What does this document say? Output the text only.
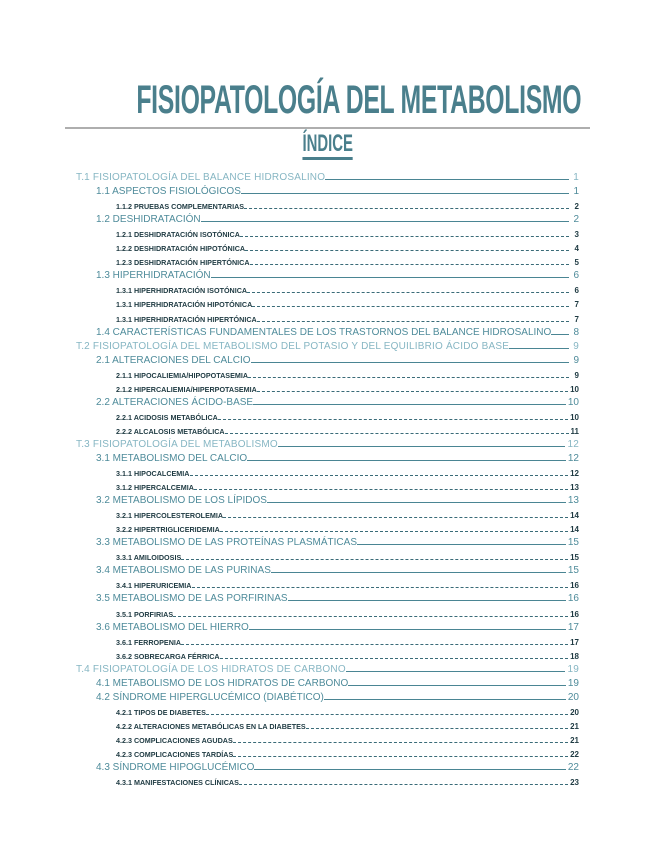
FISIOPATOLOGÍA DEL METABOLISMO
ÍNDICE
T.1 FISIOPATOLOGÍA DEL BALANCE HIDROSALINO	1
1.1 ASPECTOS FISIOLÓGICOS	1
1.1.2 PRUEBAS COMPLEMENTARIAS	2
1.2 DESHIDRATACIÓN	2
1.2.1 DESHIDRATACIÓN ISOTÓNICA	3
1.2.2 DESHIDRATACIÓN HIPOTÓNICA	4
1.2.3 DESHIDRATACIÓN HIPERTÓNICA	5
1.3 HIPERHIDRATACIÓN	6
1.3.1 HIPERHIDRATACIÓN ISOTÓNICA	6
1.3.1 HIPERHIDRATACIÓN HIPOTÓNICA	7
1.3.1 HIPERHIDRATACIÓN HIPERTÓNICA	7
1.4 CARACTERÍSTICAS FUNDAMENTALES DE LOS TRASTORNOS DEL BALANCE HIDROSALINO 8
T.2 FISIOPATOLOGÍA DEL METABOLISMO DEL POTASIO Y DEL EQUILIBRIO ÁCIDO BASE	9
2.1 ALTERACIONES DEL CALCIO	9
2.1.1 HIPOCALIEMIA/HIPOPOTASEMIA	9
2.1.2 HIPERCALIEMIA/HIPERPOTASEMIA	10
2.2 ALTERACIONES ÁCIDO-BASE	10
2.2.1 ACIDOSIS METABÓLICA	10
2.2.2 ALCALOSIS METABÓLICA	11
T.3 FISIOPATOLOGÍA DEL METABOLISMO	12
3.1 METABOLISMO DEL CALCIO	12
3.1.1 HIPOCALCEMIA	12
3.1.2 HIPERCALCEMIA	13
3.2 METABOLISMO DE LOS LÍPIDOS	13
3.2.1 HIPERCOLESTEROLEMIA	14
3.2.2 HIPERTRIGLICERIDEMIA	14
3.3 METABOLISMO DE LAS PROTEÍNAS PLASMÁTICAS	15
3.3.1 AMILOIDOSIS	15
3.4 METABOLISMO DE LAS PURINAS	15
3.4.1 HIPERURICEMIA	16
3.5 METABOLISMO DE LAS PORFIRINAS	16
3.5.1 PORFIRIAS	16
3.6 METABOLISMO DEL HIERRO	17
3.6.1 FERROPENIA	17
3.6.2 SOBRECARGA FÉRRICA	18
T.4 FISIOPATOLOGÍA DE LOS HIDRATOS DE CARBONO	19
4.1 METABOLISMO DE LOS HIDRATOS DE CARBONO	19
4.2 SÍNDROME HIPERGLUCÉMICO (DIABÉTICO)	20
4.2.1 TIPOS DE DIABETES	20
4.2.2 ALTERACIONES METABÓLICAS EN LA DIABETES	21
4.2.3 COMPLICACIONES AGUDAS	21
4.2.3 COMPLICACIONES TARDÍAS	22
4.3 SÍNDROME HIPOGLUCÉMICO	22
4.3.1 MANIFESTACIONES CLÍNICAS	23
